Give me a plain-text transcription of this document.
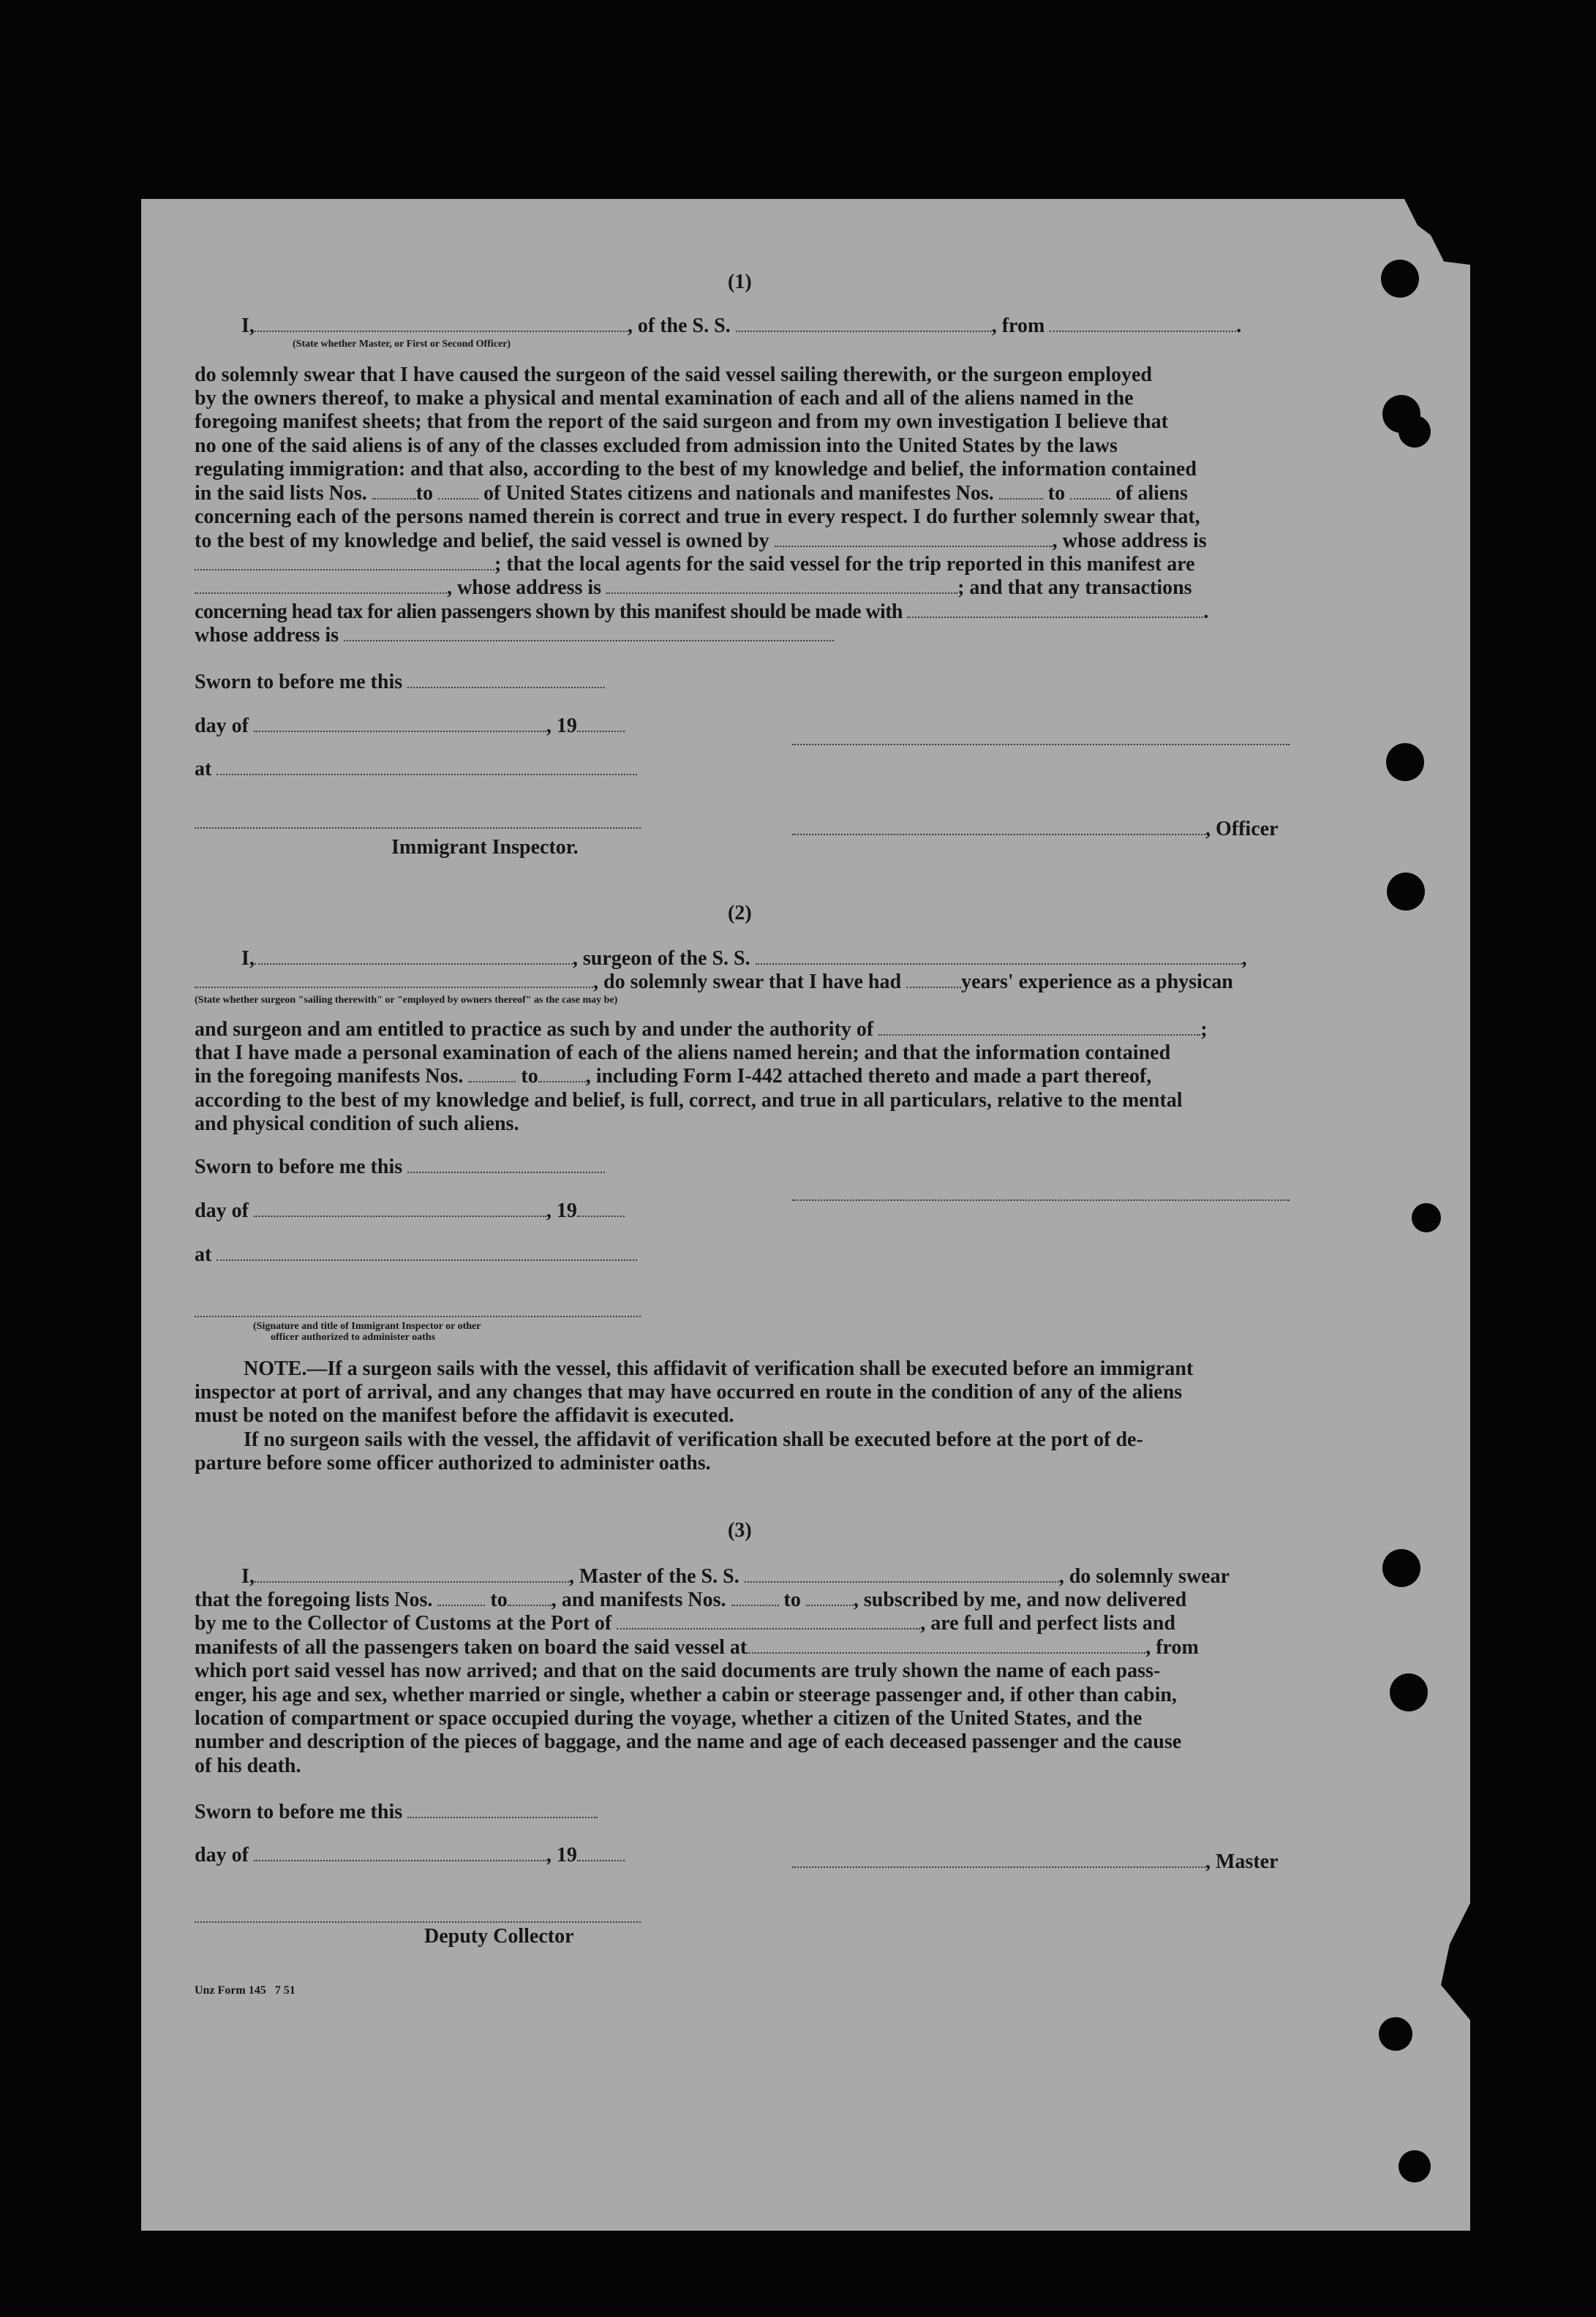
(1)
I,	, of the S. S.	, from	.
(State whether Master, or First or Second Officer)
do solemnly swear that I have caused the surgeon of the said vessel sailing therewith, or the surgeon employed
by the owners thereof, to make a physical and mental examination of each and all of the aliens named in the
foregoing manifest sheets; that from the report of the said surgeon and from my own investigation I believe that
no one of the said aliens is of any of the classes excluded from admission into the United States by the laws
regulating immigration: and that also, according to the best of my knowledge and belief, the information contained
in the said lists Nos. to of United States citizens and nationals and manifestes Nos.	to of aliens
concerning each of the persons named therein is correct and true in every respect. I do further solemnly swear that,
to the best of my knowledge and belief, the said vessel is owned by	, whose address is
; that the local agents for the said vessel for the trip reported in this manifest are
, whose address is	; and that any transactions
concerning head tax for alien passengers shown by this manifest should be made with	.
whose address is
Sworn to before me this
day of	, 19
at
, Officer
Immigrant Inspector.
(2)
I,	, surgeon of the S. S.	,
, do solemnly swear that I have had	years' experience as a physican
(State whether surgeon "sailing therewith" or "employed by owners thereof" as the case may be)
and surgeon and am entitled to practice as such by and under the authority of	;
that I have made a personal examination of each of the aliens named herein; and that the information contained
in the foregoing manifests Nos.	to , including Form I-442 attached thereto and made a part thereof,
according to the best of my knowledge and belief, is full, correct, and true in all particulars, relative to the mental
and physical condition of such aliens.
Sworn to before me this
day of	, 19
at
(Signature and title of Immigrant Inspector or other
officer authorized to administer oaths
NOTE.—If a surgeon sails with the vessel, this affidavit of verification shall be executed before an immigrant
inspector at port of arrival, and any changes that may have occurred en route in the condition of any of the aliens
must be noted on the manifest before the affidavit is executed.
If no surgeon sails with the vessel, the affidavit of verification shall be executed before at the port of de-
parture before some officer authorized to administer oaths.
(3)
I,	, Master of the S. S.	, do solemnly swear
that the foregoing lists Nos.	to , and manifests Nos.	to	, subscribed by me, and now delivered
by me to the Collector of Customs at the Port of	, are full and perfect lists and
manifests of all the passengers taken on board the said vessel at	, from
which port said vessel has now arrived; and that on the said documents are truly shown the name of each pass-
enger, his age and sex, whether married or single, whether a cabin or steerage passenger and, if other than cabin,
location of compartment or space occupied during the voyage, whether a citizen of the United States, and the
number and description of the pieces of baggage, and the name and age of each deceased passenger and the cause
of his death.
Sworn to before me this
day of	, 19	, Master
Deputy Collector
Unz Form 145   7 51
